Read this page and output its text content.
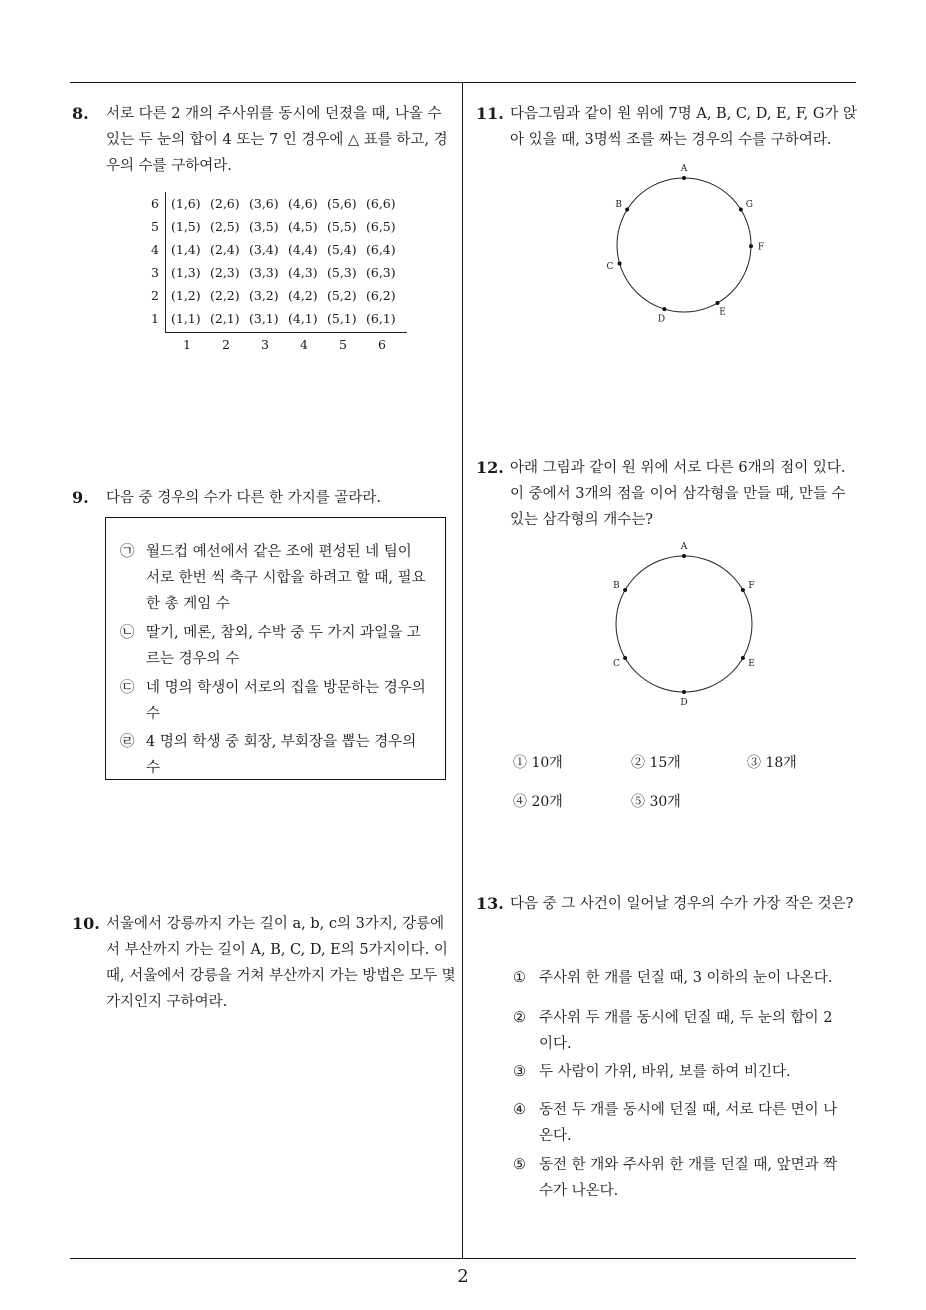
8. 서로 다른 2 개의 주사위를 동시에 던졌을 때, 나올 수 있는 두 눈의 합이 4 또는 7 인 경우에 △ 표를 하고, 경우의 수를 구하여라.
6 (1,6) (2,6) (3,6) (4,6) (5,6) (6,6)
5 (1,5) (2,5) (3,5) (4,5) (5,5) (6,5)
4 (1,4) (2,4) (3,4) (4,4) (5,4) (6,4)
3 (1,3) (2,3) (3,3) (4,3) (5,3) (6,3)
2 (1,2) (2,2) (3,2) (4,2) (5,2) (6,2)
1 (1,1) (2,1) (3,1) (4,1) (5,1) (6,1)
1	2	3	4	5	6
9. 다음 중 경우의 수가 다른 한 가지를 골라라.
㉠ 월드컵 예선에서 같은 조에 편성된 네 팀이 서로 한번 씩 축구 시합을 하려고 할 때, 필요한 총 게임 수
㉡ 딸기, 메론, 참외, 수박 중 두 가지 과일을 고르는 경우의 수
㉢ 네 명의 학생이 서로의 집을 방문하는 경우의 수
㉣ 4 명의 학생 중 회장, 부회장을 뽑는 경우의 수
10. 서울에서 강릉까지 가는 길이 a, b, c의 3가지, 강릉에서 부산까지 가는 길이 A, B, C, D, E의 5가지이다. 이때, 서울에서 강릉을 거쳐 부산까지 가는 방법은 모두 몇 가지인지 구하여라.
11. 다음그림과 같이 원 위에 7명 A, B, C, D, E, F, G가 앉아 있을 때, 3명씩 조를 짜는 경우의 수를 구하여라.
A
B
C
D
E
F
G
12. 아래 그림과 같이 원 위에 서로 다른 6개의 점이 있다. 이 중에서 3개의 점을 이어 삼각형을 만들 때, 만들 수 있는 삼각형의 개수는?
A
B
C
D
E
F
① 10개	② 15개	③ 18개
④ 20개	⑤ 30개
13. 다음 중 그 사건이 일어날 경우의 수가 가장 작은 것은?
① 주사위 한 개를 던질 때, 3 이하의 눈이 나온다.
② 주사위 두 개를 동시에 던질 때, 두 눈의 합이 2 이다.
③ 두 사람이 가위, 바위, 보를 하여 비긴다.
④ 동전 두 개를 동시에 던질 때, 서로 다른 면이 나온다.
⑤ 동전 한 개와 주사위 한 개를 던질 때, 앞면과 짝수가 나온다.
2
